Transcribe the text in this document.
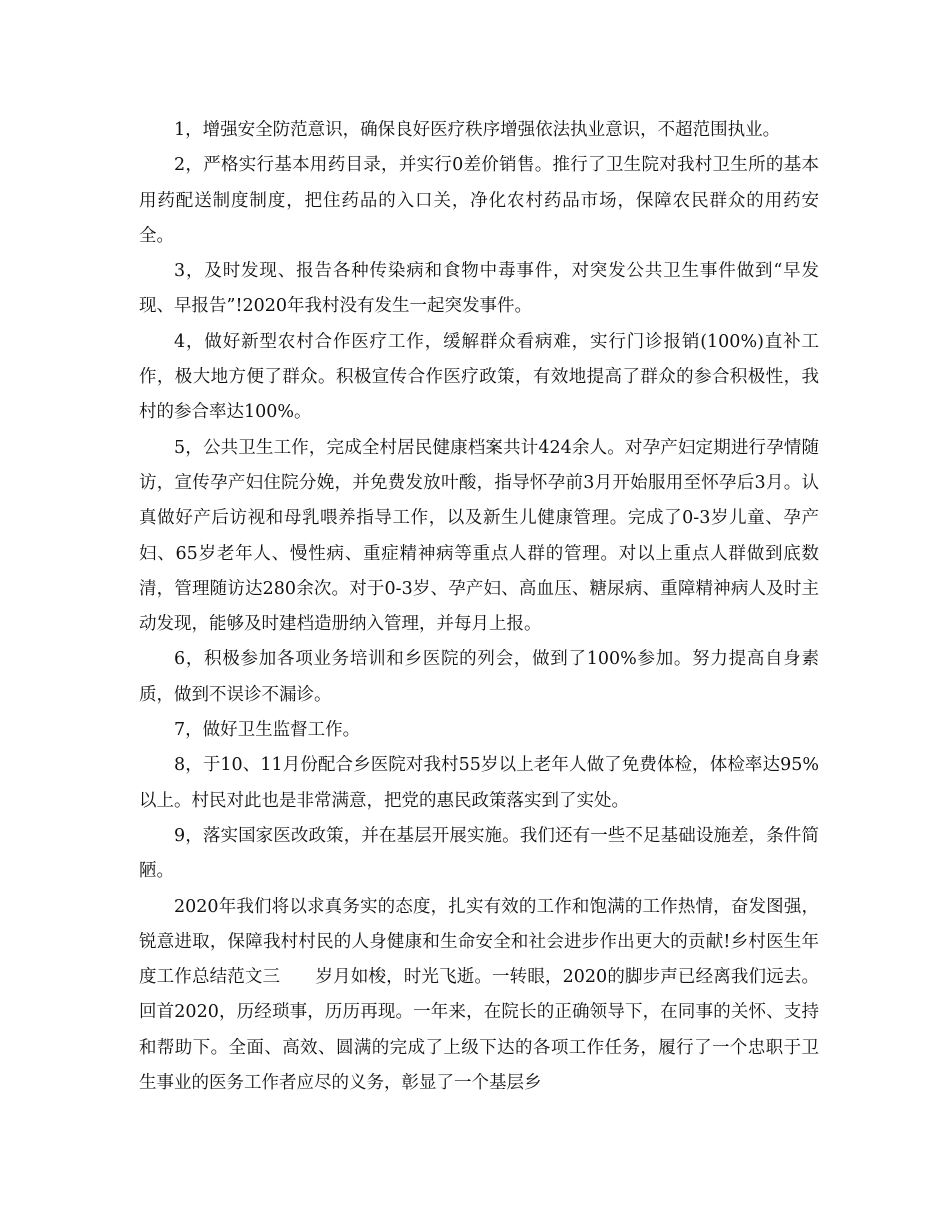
1，增强安全防范意识，确保良好医疗秩序增强依法执业意识，不超范围执业。

2，严格实行基本用药目录，并实行0差价销售。推行了卫生院对我村卫生所的基本用药配送制度制度，把住药品的入口关，净化农村药品市场，保障农民群众的用药安全。

3，及时发现、报告各种传染病和食物中毒事件，对突发公共卫生事件做到“早发现、早报告”!2020年我村没有发生一起突发事件。

4，做好新型农村合作医疗工作，缓解群众看病难，实行门诊报销(100%)直补工作，极大地方便了群众。积极宣传合作医疗政策，有效地提高了群众的参合积极性，我村的参合率达100%。

5，公共卫生工作，完成全村居民健康档案共计424余人。对孕产妇定期进行孕情随访，宣传孕产妇住院分娩，并免费发放叶酸，指导怀孕前3月开始服用至怀孕后3月。认真做好产后访视和母乳喂养指导工作，以及新生儿健康管理。完成了0-3岁儿童、孕产妇、65岁老年人、慢性病、重症精神病等重点人群的管理。对以上重点人群做到底数清，管理随访达280余次。对于0-3岁、孕产妇、高血压、糖尿病、重障精神病人及时主动发现，能够及时建档造册纳入管理，并每月上报。

6，积极参加各项业务培训和乡医院的列会，做到了100%参加。努力提高自身素质，做到不误诊不漏诊。

7，做好卫生监督工作。

8，于10、11月份配合乡医院对我村55岁以上老年人做了免费体检，体检率达95%以上。村民对此也是非常满意，把党的惠民政策落实到了实处。

9，落实国家医改政策，并在基层开展实施。我们还有一些不足基础设施差，条件简陋。

2020年我们将以求真务实的态度，扎实有效的工作和饱满的工作热情，奋发图强，锐意进取，保障我村村民的人身健康和生命安全和社会进步作出更大的贡献!乡村医生年度工作总结范文三　　岁月如梭，时光飞逝。一转眼，2020的脚步声已经离我们远去。回首2020，历经琐事，历历再现。一年来，在院长的正确领导下，在同事的关怀、支持和帮助下。全面、高效、圆满的完成了上级下达的各项工作任务，履行了一个忠职于卫生事业的医务工作者应尽的义务，彰显了一个基层乡
